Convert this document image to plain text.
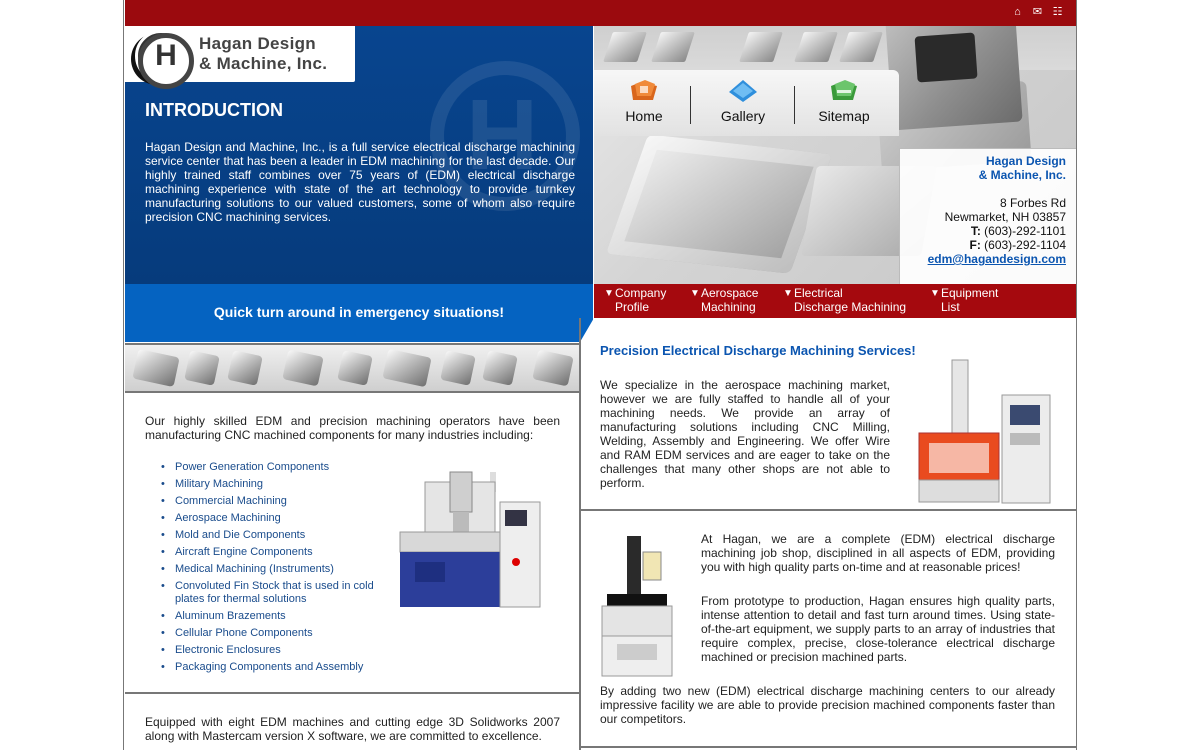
⌂ ✉ ☷
H
H
Hagan Design
& Machine, Inc.
INTRODUCTION

Hagan Design and Machine, Inc., is a full service electrical discharge machining service center that has been a leader in EDM machining for the last decade. Our highly trained staff combines over 75 years of (EDM) electrical discharge machining experience with state of the art technology to provide turnkey manufacturing solutions to our valued customers, some of whom also require precision CNC machining services.

Home	Gallery	Sitemap
Hagan Design
& Machine, Inc.
8 Forbes Rd
Newmarket, NH 03857
T: (603)-292-1101
F: (603)-292-1104
edm@hagandesign.com
Quick turn around in emergency situations!
▼ Company
Profile
▼ Aerospace
Machining
▼ Electrical
Discharge Machining
▼ Equipment
List

Our highly skilled EDM and precision machining operators have been manufacturing CNC machined components for many industries including:

• Power Generation Components
• Military Machining
• Commercial Machining
• Aerospace Machining
• Mold and Die Components
• Aircraft Engine Components
• Medical Machining (Instruments)
• Convoluted Fin Stock that is used in cold plates for thermal solutions
• Aluminum Brazements
• Cellular Phone Components
• Electronic Enclosures
• Packaging Components and Assembly

Equipped with eight EDM machines and cutting edge 3D Solidworks 2007 along with Mastercam version X software, we are committed to excellence.

Precision Electrical Discharge Machining Services!

We specialize in the aerospace machining market, however we are fully staffed to handle all of your machining needs. We provide an array of manufacturing solutions including CNC Milling, Welding, Assembly and Engineering. We offer Wire and RAM EDM services and are eager to take on the challenges that many other shops are not able to perform.

At Hagan, we are a complete (EDM) electrical discharge machining job shop, disciplined in all aspects of EDM, providing you with high quality parts on-time and at reasonable prices!

From prototype to production, Hagan ensures high quality parts, intense attention to detail and fast turn around times. Using state-of-the-art equipment, we supply parts to an array of industries that require complex, precise, close-tolerance electrical discharge machined or precision machined parts.

By adding two new (EDM) electrical discharge machining centers to our already impressive facility we are able to provide precision machined components faster than our competitors.
